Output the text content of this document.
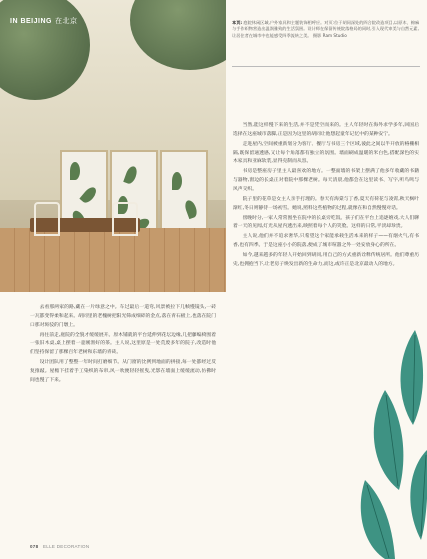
IN BEIJING 在北京	本页: 庭院休闲区域,户外家具和主题装饰相呼应。对页:位于胡同深处的四合院改造项目,以原木、棉麻与手作织物营造出温润雅致的生活氛围。设计师在保留传统院落格局的同时,引入现代审美与自然元素,让居住者在城市中也能感受四季流转之美。 摄影 Ram Studio

去看那两家的路,藏在一片绿意之中。车过最后一道弯,风景被拉下几帧慢镜头,一砖一瓦都变得柔和起来。胡同里的老槐树把阳光筛成细碎的金点,落在青石板上,也落在院门口那对斑驳的门墩上。

再往前走,庭院的全貌才缓缓展开。原木铺就的平台延伸到花坛边缘,几把藤编椅围着一张旧木桌,桌上摆着一壶刚沏好的茶。主人说,这里原是一处荒废多年的院子,改造时他们坚持保留了那棵百年老树和东墙的青砖。

设计团队用了整整一年时间打磨细节。从门窗的比例到地面的拼接,每一处都经过反复推敲。屋檐下挂着手工染织的布帘,风一吹便轻轻摇曳,光影在墙面上缓缓流动,仿佛时间也慢了下来。

当然,能这样慢下来的生活,并不是凭空而来的。主人年轻时在海外求学多年,回国后选择在这座城市落脚,正是因为这里的胡同让他想起童年记忆中的某种安宁。

走进屋内,空间被重新划分为客厅、餐厅与书房三个区域,彼此之间以半开放的格栅相隔,既保留通透感,又让每个角落都有独立的氛围。墙面刷成温暖的米白色,搭配深色的实木家具和亚麻软装,显得克制而从容。

书房是整座房子里主人最喜欢的地方。一整面墙的书架上摆满了他多年收藏的书籍与器物,窗边的长桌正对着院中那棵老树。每天清晨,他都会在这里读书、写字,听鸟鸣与风声交织。

院子里的花草是女主人亲手打理的。春天有海棠与丁香,夏天有荷花与凌霄,秋天枫叶渐红,冬日则静待一场初雪。她说,照料这些植物的过程,就像在和自然慢慢对话。

傍晚时分,一家人常常围坐在院中的长桌旁吃饭。孩子们在平台上追逐嬉戏,大人们聊着一天的见闻,灯光从屋内透出来,映照着每个人的笑脸。这样的日常,平淡却珍贵。

主人说,他们并不追求奢华,只希望这个家能承载生活本来的样子——有烟火气,有书香,也有四季。于是这座小小的院落,便成了城市喧嚣之外一处安放身心的所在。

如今,越来越多的年轻人开始回到胡同,用自己的方式重新诠释传统居所。他们尊重历史,也拥抱当下,让老房子焕发出新的生命力,而这,或许正是北京最动人的地方。

078 ELLE DECORATION
